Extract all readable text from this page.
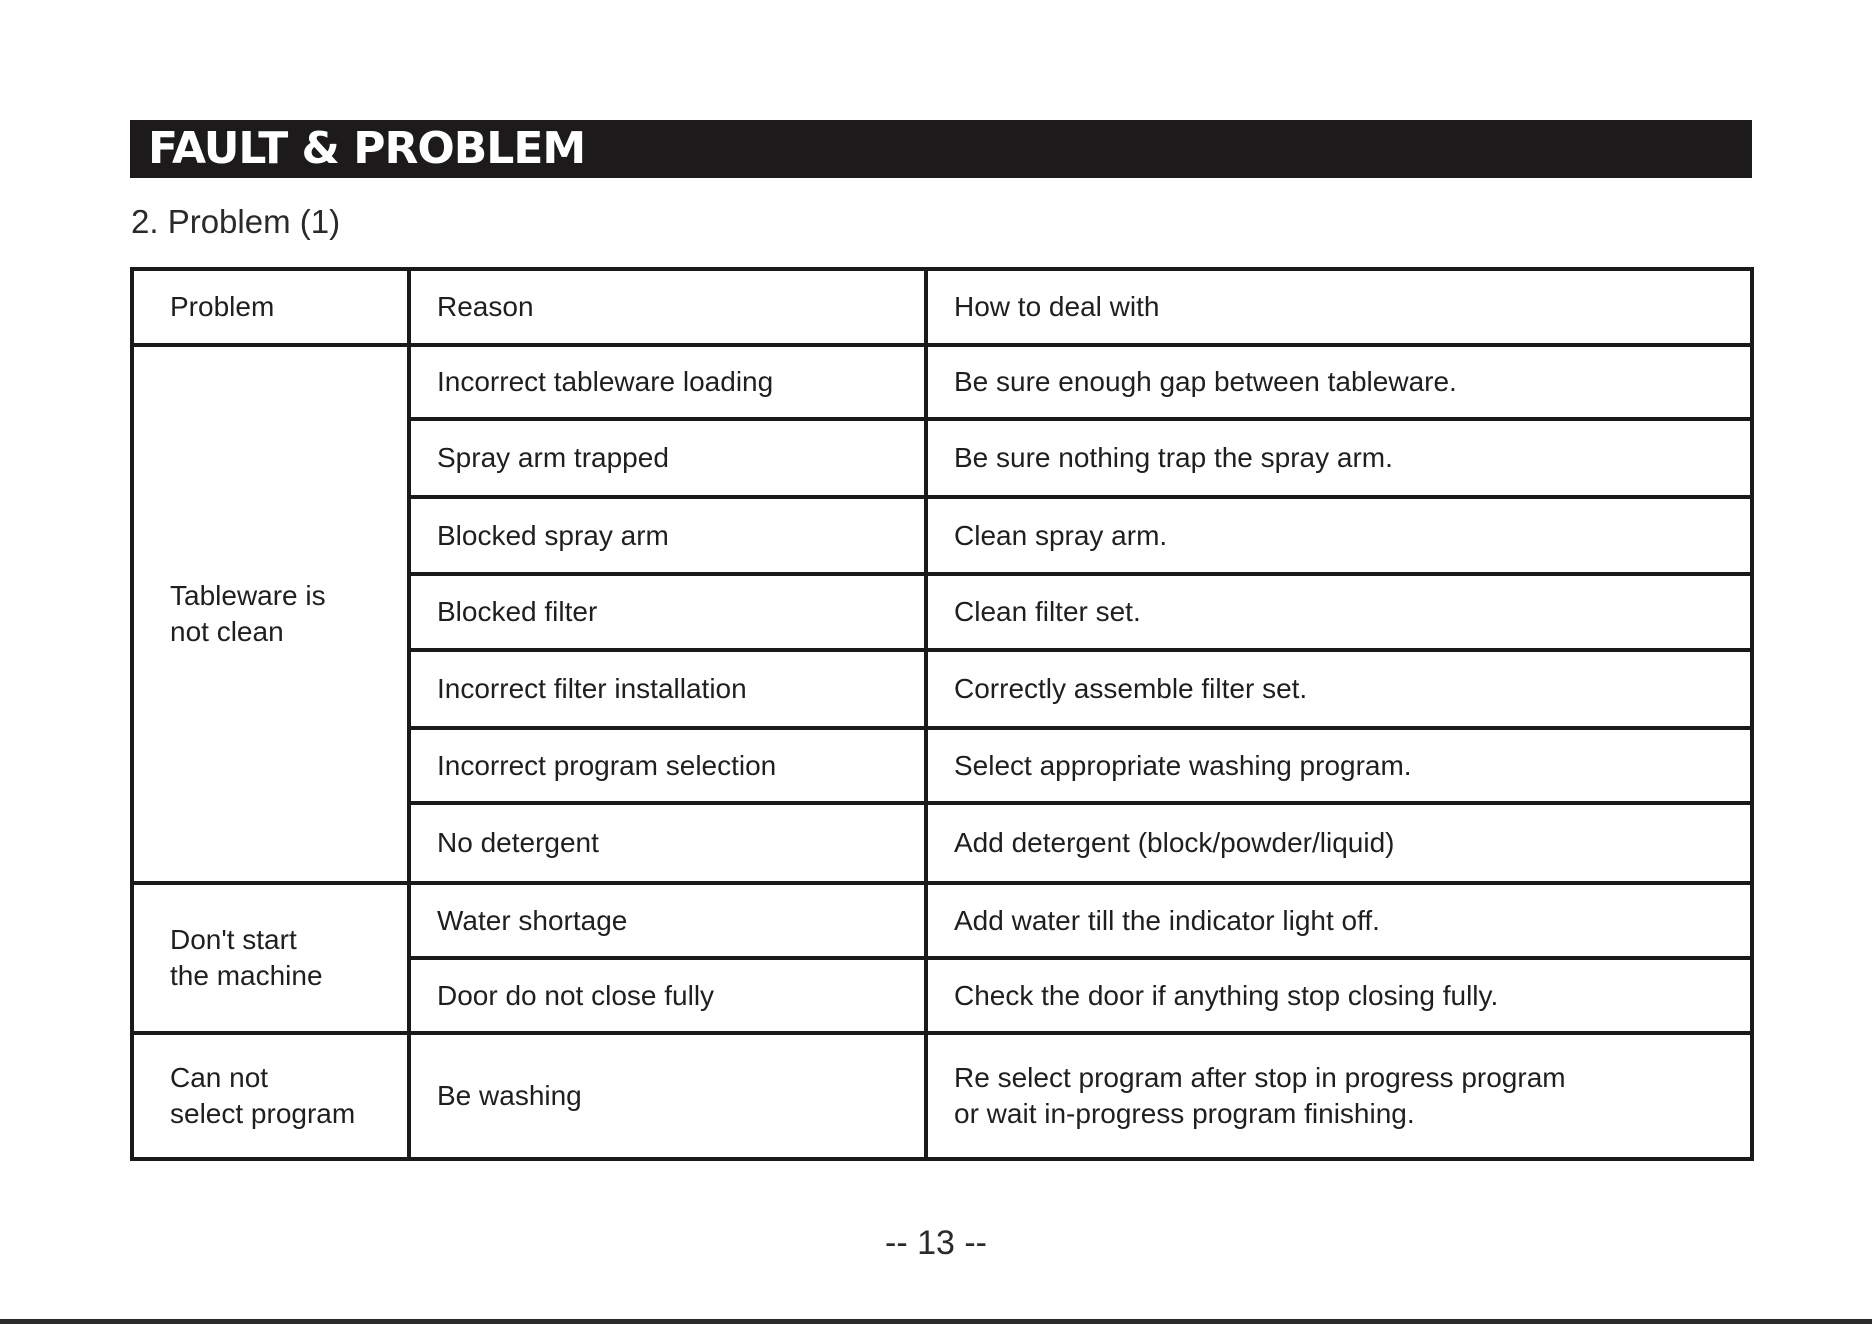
FAULT & PROBLEM
2. Problem (1)
Problem	Reason	How to deal with

Tableware is
not clean	Incorrect tableware loading	Be sure enough gap between tableware.
	Spray arm trapped	Be sure nothing trap the spray arm.
	Blocked spray arm	Clean spray arm.
	Blocked filter	Clean filter set.
	Incorrect filter installation	Correctly assemble filter set.
	Incorrect program selection	Select appropriate washing program.
	No detergent	Add detergent (block/powder/liquid)

Don't start
the machine	Water shortage	Add water till the indicator light off.
	Door do not close fully	Check the door if anything stop closing fully.

Can not
select program	Be washing	Re select program after stop in progress program
or wait in-progress program finishing.
-- 13 --
